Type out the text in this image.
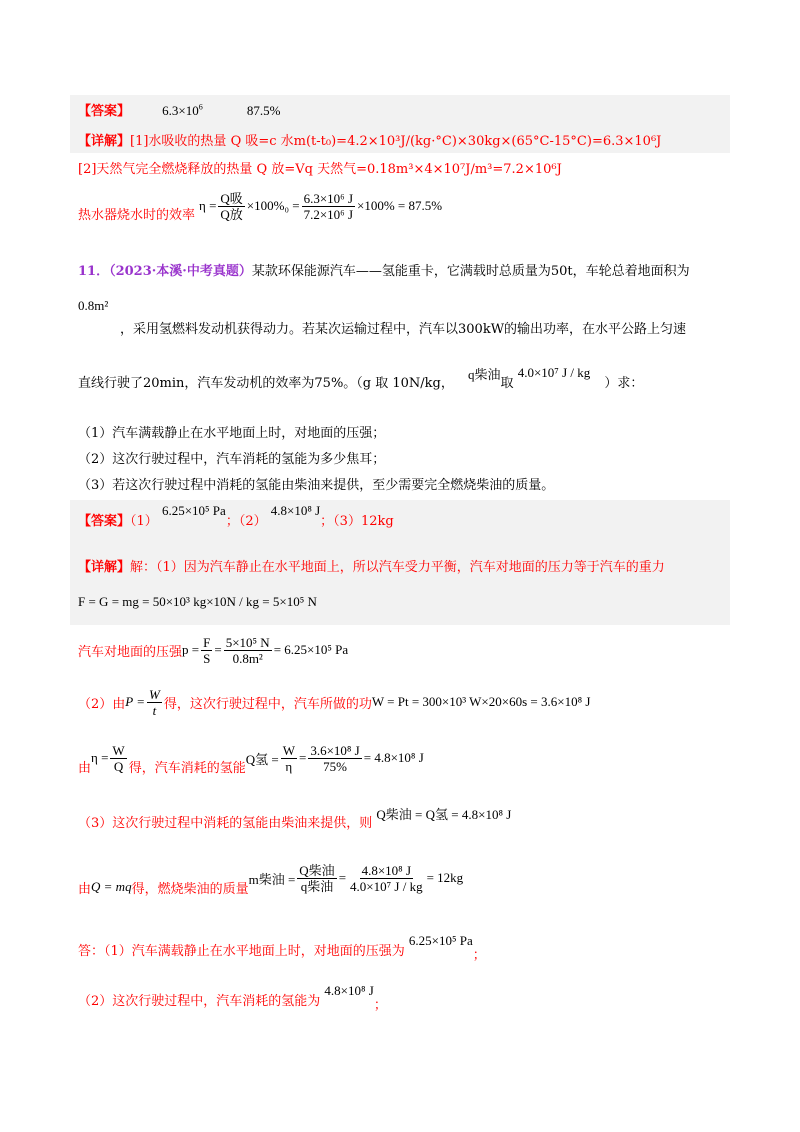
【答案】 $6.3\times 10^6$	87.5%
【详解】[1]水吸收的热量 Q 吸=c 水m(t-t₀)=4.2×10³J/(kg·°C)×30kg×(65°C-15°C)=6.3×10⁶J
[2]天然气完全燃烧释放的热量 Q 放=Vq 天然气=0.18m³×4×10⁷J/m³=7.2×10⁶J
热水器烧水时的效率
$\eta = \frac{\text{Q吸}}{\text{Q放}} \times 100\%_0 = \frac{\text{6.3×10⁶ J}}{\text{7.2×10⁶ J}} \times 100\% = 87.5\%$
11．（2023·本溪·中考真题）某款环保能源汽车——氢能重卡，它满载时总质量为50t，车轮总着地面积为
0.8m²
，采用氢燃料发动机获得动力。若某次运输过程中，汽车以300kW的输出功率，在水平公路上匀速
直线行驶了20min，汽车发动机的效率为75%。（g 取 10N/kg， q柴油取 4.0×10⁷ J / kg ）求：
（1）汽车满载静止在水平地面上时，对地面的压强；
（2）这次行驶过程中，汽车消耗的氢能为多少焦耳；
（3）若这次行驶过程中消耗的氢能由柴油来提供，至少需要完全燃烧柴油的质量。
【答案】（1） 6.25×10⁵ Pa；（2） 4.8×10⁸ J；（3）12kg
【详解】解：（1）因为汽车静止在水平地面上，所以汽车受力平衡，汽车对地面的压力等于汽车的重力
F = G = mg = 50×10³ kg×10N / kg = 5×10⁵ N
汽车对地面的压强 $p = \frac{F}{S} = \frac{\text{5×10⁵ N}}{\text{0.8m²}} = 6.25\times 10^5$ Pa
（2）由 $P = \frac{W}{t}$ 得，这次行驶过程中，汽车所做的功 W = Pt = 300×10³ W×20×60s = 3.6×10⁸ J
由
$\eta = \frac{W}{Q}$ 得，汽车消耗的氢能
Q氢 = $\frac{W}{\eta} = \frac{\text{3.6×10⁸ J}}{75\%} = 4.8\times 10^8$ J
（3）这次行驶过程中消耗的氢能由柴油来提供，则 Q柴油 = Q氢 = 4.8×10⁸ J
由 Q = mq 得，燃烧柴油的质量
m柴油 = $\frac{\text{Q柴油}}{\text{q柴油}} = \frac{\text{4.8×10⁸ J}}{\text{4.0×10⁷ J / kg}} = 12kg$
答：（1）汽车满载静止在水平地面上时，对地面的压强为 6.25×10⁵ Pa；
（2）这次行驶过程中，汽车消耗的氢能为 4.8×10⁸ J；
